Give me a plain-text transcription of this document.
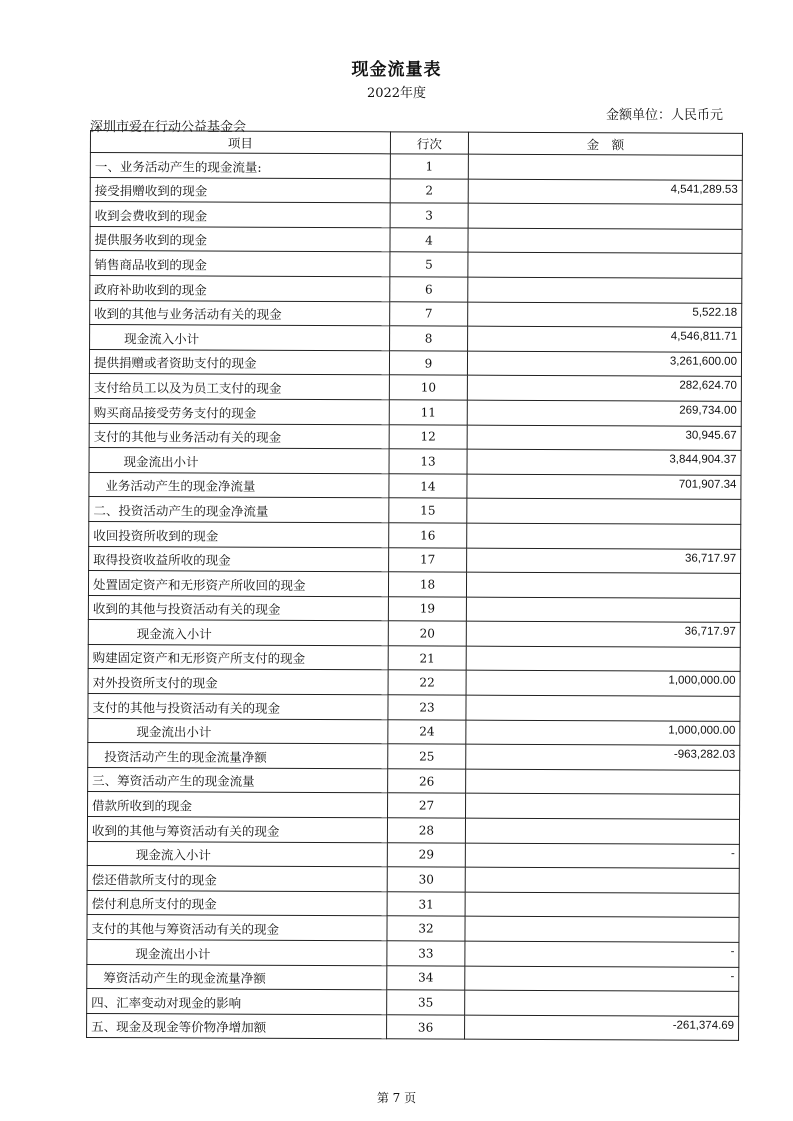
现金流量表
2022年度
金额单位：人民币元
深圳市爱在行动公益基金会
项目	行次	金　额
一、业务活动产生的现金流量:	1	
接受捐赠收到的现金	2	4,541,289.53
收到会费收到的现金	3	
提供服务收到的现金	4	
销售商品收到的现金	5	
政府补助收到的现金	6	
收到的其他与业务活动有关的现金	7	5,522.18
现金流入小计	8	4,546,811.71
提供捐赠或者资助支付的现金	9	3,261,600.00
支付给员工以及为员工支付的现金	10	282,624.70
购买商品接受劳务支付的现金	11	269,734.00
支付的其他与业务活动有关的现金	12	30,945.67
现金流出小计	13	3,844,904.37
业务活动产生的现金净流量	14	701,907.34
二、投资活动产生的现金净流量	15	
收回投资所收到的现金	16	
取得投资收益所收的现金	17	36,717.97
处置固定资产和无形资产所收回的现金	18	
收到的其他与投资活动有关的现金	19	
现金流入小计	20	36,717.97
购建固定资产和无形资产所支付的现金	21	
对外投资所支付的现金	22	1,000,000.00
支付的其他与投资活动有关的现金	23	
现金流出小计	24	1,000,000.00
投资活动产生的现金流量净额	25	-963,282.03
三、筹资活动产生的现金流量	26	
借款所收到的现金	27	
收到的其他与筹资活动有关的现金	28	
现金流入小计	29	-
偿还借款所支付的现金	30	
偿付利息所支付的现金	31	
支付的其他与筹资活动有关的现金	32	
现金流出小计	33	-
筹资活动产生的现金流量净额	34	-
四、汇率变动对现金的影响	35	
五、现金及现金等价物净增加额	36	-261,374.69
第 7 页
